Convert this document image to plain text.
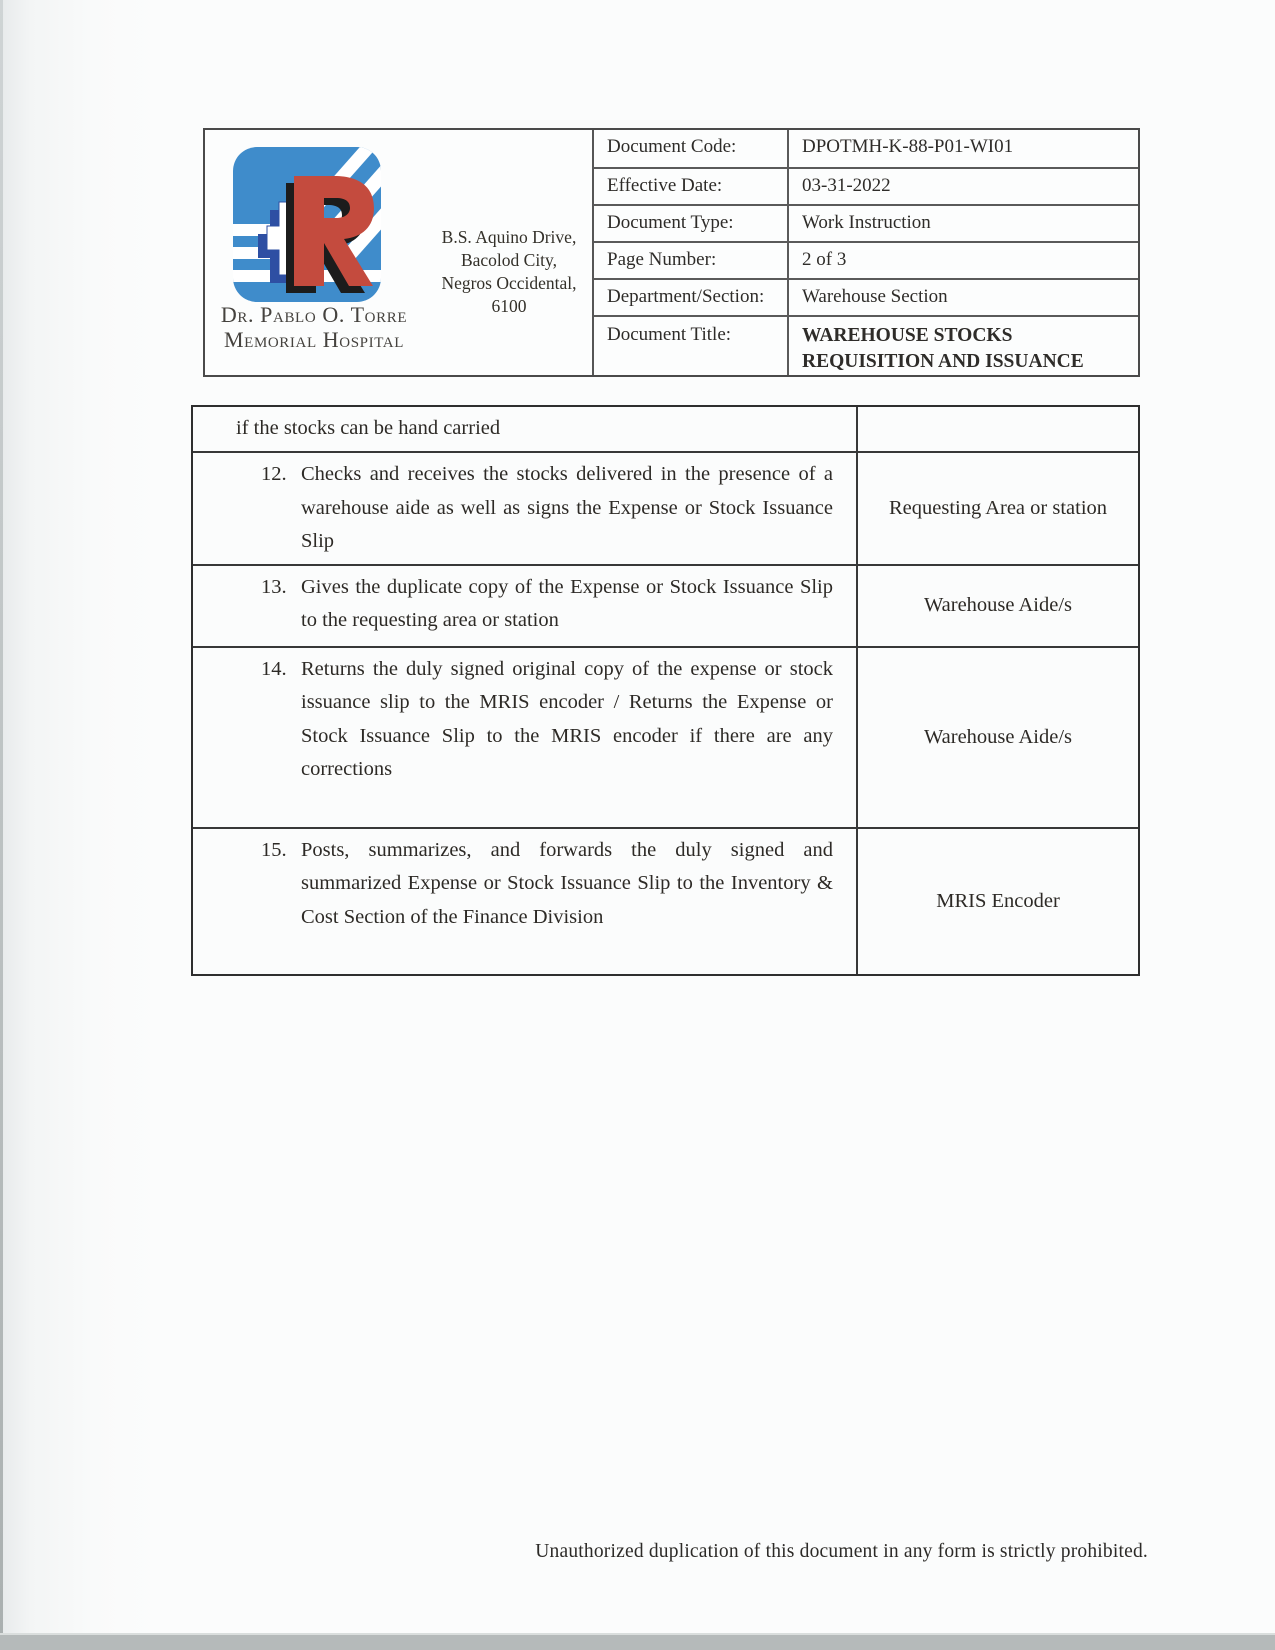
Dr. Pablo O. Torre
Memorial Hospital
B.S. Aquino Drive,
Bacolod City,
Negros Occidental,
6100
Document Code:	DPOTMH-K-88-P01-WI01
Effective Date:	03-31-2022
Document Type:	Work Instruction
Page Number:	2 of 3
Department/Section:	Warehouse Section
Document Title:	WAREHOUSE STOCKS REQUISITION AND ISSUANCE
if the stocks can be hand carried
12. Checks and receives the stocks delivered in the presence of a warehouse aide as well as signs the Expense or Stock Issuance Slip
Requesting Area or station
13. Gives the duplicate copy of the Expense or Stock Issuance Slip to the requesting area or station
Warehouse Aide/s
14. Returns the duly signed original copy of the expense or stock issuance slip to the MRIS encoder / Returns the Expense or Stock Issuance Slip to the MRIS encoder if there are any corrections
Warehouse Aide/s
15. Posts, summarizes, and forwards the duly signed and summarized Expense or Stock Issuance Slip to the Inventory & Cost Section of the Finance Division
MRIS Encoder
Unauthorized duplication of this document in any form is strictly prohibited.
